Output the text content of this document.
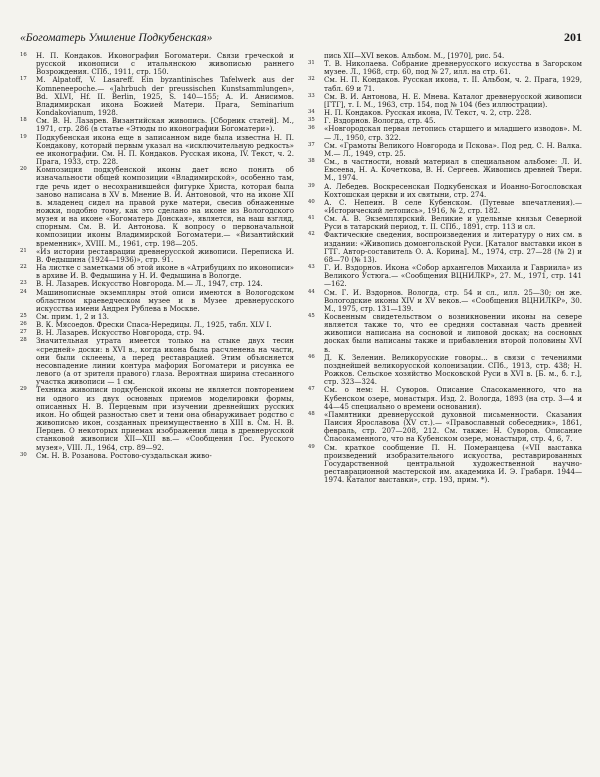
«Богоматерь Умиление Подкубенская»	201
16	Н. П. Кондаков. Иконография Богоматери. Связи греческой и русской иконописи с итальянскою живописью раннего Возрождения. СПб., 1911, стр. 150.
17	M. Alpatoff, V. Lasareff. Ein byzantinisches Tafelwerk aus der Komneneepoche.— «Jahrbuch der preussischen Kunstsammlungen», Bd. XLVI, Hf. II. Berlin, 1925, S. 140—155; А. И. Анисимов. Владимирская икона Божией Матери. Прага, Seminarium Kondakovianum, 1928.
18	См. В. Н. Лазарев. Византийская живопись. [Сборник статей]. М., 1971, стр. 286 (в статье «Этюды по иконографии Богоматери»).
19	Подкубенская икона еще в записанном виде была известна Н. П. Кондакову, который первым указал на «исключительную редкость» ее иконографии. См. Н. П. Кондаков. Русская икона, IV. Текст, ч. 2. Прага, 1933, стр. 228.
20	Композиция подкубенской иконы дает ясно понять об изначальности общей композиции «Владимирской», особенно там, где речь идет о несохранившейся фигурке Христа, которая была заново написана в XV в. Мнение В. И. Антоновой, что на иконе XII в. младенец сидел на правой руке матери, свесив обнаженные ножки, подобно тому, как это сделано на иконе из Вологодского музея и на иконе «Богоматерь Донская», является, на наш взгляд, спорным. См. В. И. Антонова. К вопросу о первоначальной композиции иконы Владимирской Богоматери.— «Византийский временник», XVIII. М., 1961, стр. 198—205.
21	«Из истории реставрации древнерусской живописи. Переписка И. В. Федышина (1924—1936)», стр. 91.
22	На листке с заметками об этой иконе в «Атрибуциях по иконописи» в архиве И. В. Федышина у Н. И. Федышина в Вологде.
23	В. Н. Лазарев. Искусство Новгорода. М.— Л., 1947, стр. 124.
24	Машинописные экземпляры этой описи имеются в Вологодском областном краеведческом музее и в Музее древнерусского искусства имени Андрея Рублева в Москве.
25	См. прим. 1, 2 и 13.
26	В. К. Мясоедов. Фрески Спаса-Нередицы. Л., 1925, табл. XLV I.
27	В. Н. Лазарев. Искусство Новгорода, стр. 94.
28	Значительная утрата имеется только на стыке двух тесин «средней» доски: в XVI в., когда икона была расчленена на части, они были склеены, а перед реставрацией. Этим объясняется несовпадение линии контура мафория Богоматери и рисунка ее левого (а от зрителя правого) глаза. Вероятная ширина стесанного участка живописи — 1 см.
29	Техника живописи подкубенской иконы не является повторением ни одного из двух основных приемов моделировки формы, описанных Н. В. Перцевым при изучении древнейших русских икон. Но общей разностью свет и тени она обнаруживает родство с живописью икон, созданных преимущественно в XIII в. См. Н. В. Перцев. О некоторых приемах изображения лица в древнерусской станковой живописи XII—XIII вв.— «Сообщения Гос. Русского музея», VIII. Л., 1964, стр. 89—92.
30	См. Н. В. Розанова. Ростово-суздальская живо-
пись XII—XVI веков. Альбом. М., [1970], рис. 54.
31	Т. В. Николаева. Собрание древнерусского искусства в Загорском музее. Л., 1968, стр. 60, под № 27, илл. на стр. 61.
32	См. Н. П. Кондаков. Русская икона, т. II. Альбом, ч. 2. Прага, 1929, табл. 69 и 71.
33	См. В. И. Антонова, Н. Е. Мнева. Каталог древнерусской живописи [ГТГ], т. I. М., 1963, стр. 154, под № 104 (без иллюстрации).
34	Н. П. Кондаков. Русская икона, IV. Текст, ч. 2, стр. 228.
35	Г. Вздорнов. Вологда, стр. 45.
36	«Новгородская первая летопись старшего и младшего изводов». М.— Л., 1950, стр. 322.
37	См. «Грамоты Великого Новгорода и Пскова». Под ред. С. Н. Валка. М.— Л., 1949, стр. 25.
38	См., в частности, новый материал в специальном альбоме: Л. И. Евсеева, Н. А. Кочеткова, В. Н. Сергеев. Живопись древней Твери. М., 1974.
39	А. Лебедев. Воскресенская Подкубенская и Иоанно-Богословская Кохтошская церкви и их святыни, стр. 274.
40	А. С. Непеин. В селе Кубенском. (Путевые впечатления).— «Исторический летопись», 1916, № 2, стр. 182.
41	См. А. В. Экземплярский. Великие и удельные князья Северной Руси в татарский период, т. II. СПб., 1891, стр. 113 и сл.
42	Фактические сведения, воспроизведения и литературу о них см. в издании: «Живопись домонгольской Руси. [Каталог выставки икон в ГТГ. Автор-составитель О. А. Корина]. М., 1974, стр. 27—28 (№ 2) и 68—70 (№ 13).
43	Г. И. Вздорнов. Икона «Собор архангелов Михаила и Гавриила» из Великого Устюга.— «Сообщения ВЦНИЛКР», 27. М., 1971, стр. 141—162.
44	См. Г. И. Вздорнов. Вологда, стр. 54 и сл., илл. 25—30; он же. Вологодские иконы XIV и XV веков.— «Сообщения ВЦНИЛКР», 30. М., 1975, стр. 131—139.
45	Косвенным свидетельством о возникновении иконы на севере является также то, что ее средняя составная часть древней живописи написана на сосновой и липовой досках; на сосновых досках были написаны также и прибавления второй половины XVI в.
46	Д. К. Зеленин. Великорусские говоры... в связи с течениями позднейшей великорусской колонизации. СПб., 1913, стр. 438; Н. Рожков. Сельское хозяйство Московской Руси в XVI в. [Б. м., б. г.], стр. 323—324.
47	См. о нем: Н. Суворов. Описание Спасокаменного, что на Кубенском озере, монастыря. Изд. 2. Вологда, 1893 (на стр. 3—4 и 44—45 специально о времени основания).
48	«Памятники древнерусской духовной письменности. Сказания Паисия Ярославова (XV ст.).— «Православный собеседник», 1861, февраль, стр. 207—208, 212. См. также: Н. Суворов. Описание Спасокаменного, что на Кубенском озере, монастыря, стр. 4, 6, 7.
49	См. краткое сообщение П. Н. Померанцева («VII выставка произведений изобразительного искусства, реставрированных Государственной центральной художественной научно-реставрационной мастерской им. академика И. Э. Грабаря. 1944—1974. Каталог выставки», стр. 193, прим. *).
